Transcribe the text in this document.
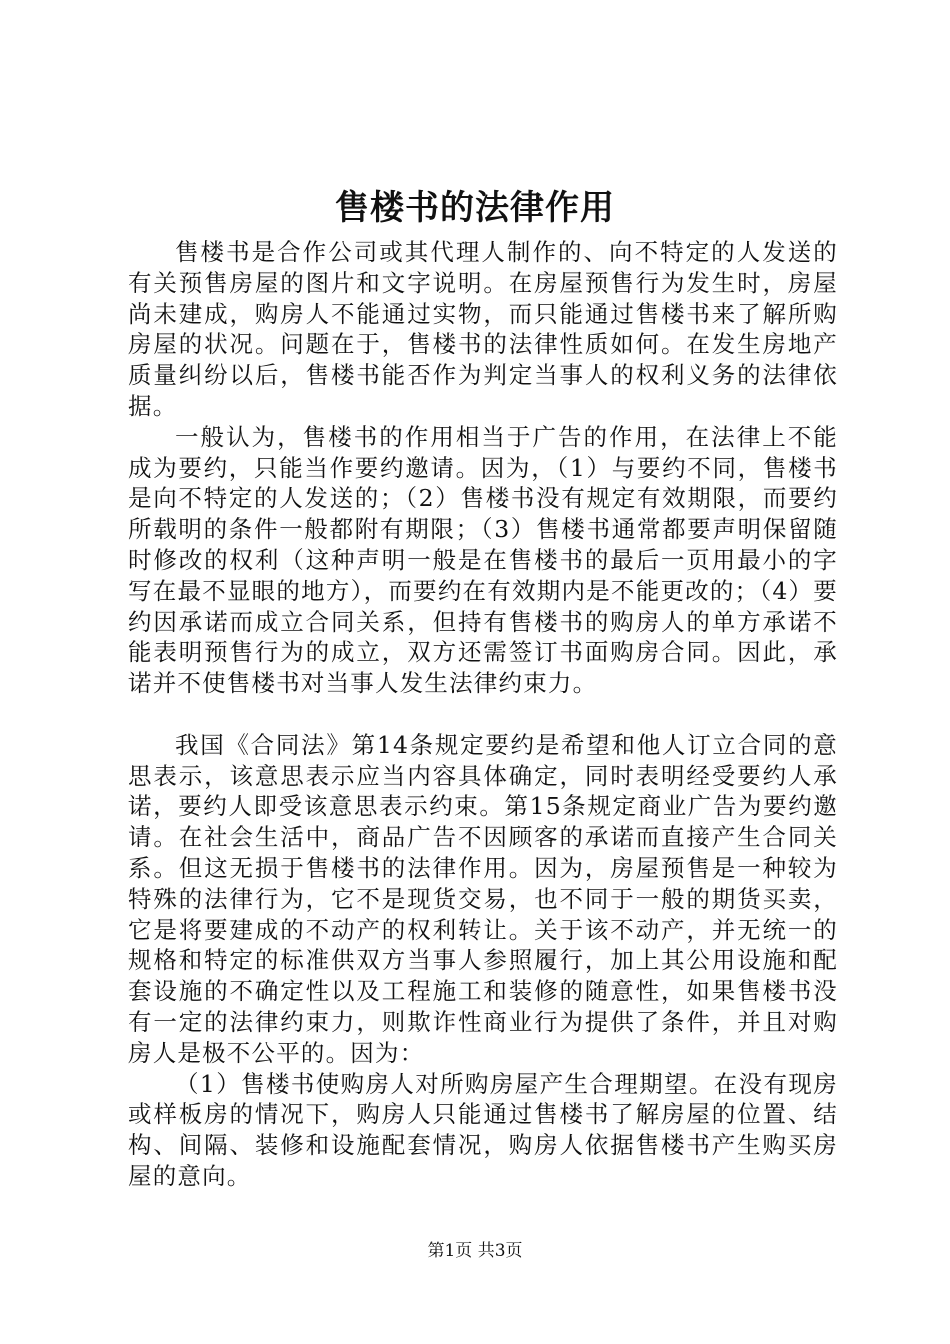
售楼书的法律作用

售楼书是合作公司或其代理人制作的、向不特定的人发送的有关预售房屋的图片和文字说明。在房屋预售行为发生时，房屋尚未建成，购房人不能通过实物，而只能通过售楼书来了解所购房屋的状况。问题在于，售楼书的法律性质如何。在发生房地产质量纠纷以后，售楼书能否作为判定当事人的权利义务的法律依据。

一般认为，售楼书的作用相当于广告的作用，在法律上不能成为要约，只能当作要约邀请。因为，（1）与要约不同，售楼书是向不特定的人发送的；（2）售楼书没有规定有效期限，而要约所载明的条件一般都附有期限；（3）售楼书通常都要声明保留随时修改的权利（这种声明一般是在售楼书的最后一页用最小的字写在最不显眼的地方），而要约在有效期内是不能更改的；（4）要约因承诺而成立合同关系，但持有售楼书的购房人的单方承诺不能表明预售行为的成立，双方还需签订书面购房合同。因此，承诺并不使售楼书对当事人发生法律约束力。

我国《合同法》第14条规定要约是希望和他人订立合同的意思表示，该意思表示应当内容具体确定，同时表明经受要约人承诺，要约人即受该意思表示约束。第15条规定商业广告为要约邀请。在社会生活中，商品广告不因顾客的承诺而直接产生合同关系。但这无损于售楼书的法律作用。因为，房屋预售是一种较为特殊的法律行为，它不是现货交易，也不同于一般的期货买卖，它是将要建成的不动产的权利转让。关于该不动产，并无统一的规格和特定的标准供双方当事人参照履行，加上其公用设施和配套设施的不确定性以及工程施工和装修的随意性，如果售楼书没有一定的法律约束力，则欺诈性商业行为提供了条件，并且对购房人是极不公平的。因为：

（1）售楼书使购房人对所购房屋产生合理期望。在没有现房或样板房的情况下，购房人只能通过售楼书了解房屋的位置、结构、间隔、装修和设施配套情况，购房人依据售楼书产生购买房屋的意向。

第1页 共3页
